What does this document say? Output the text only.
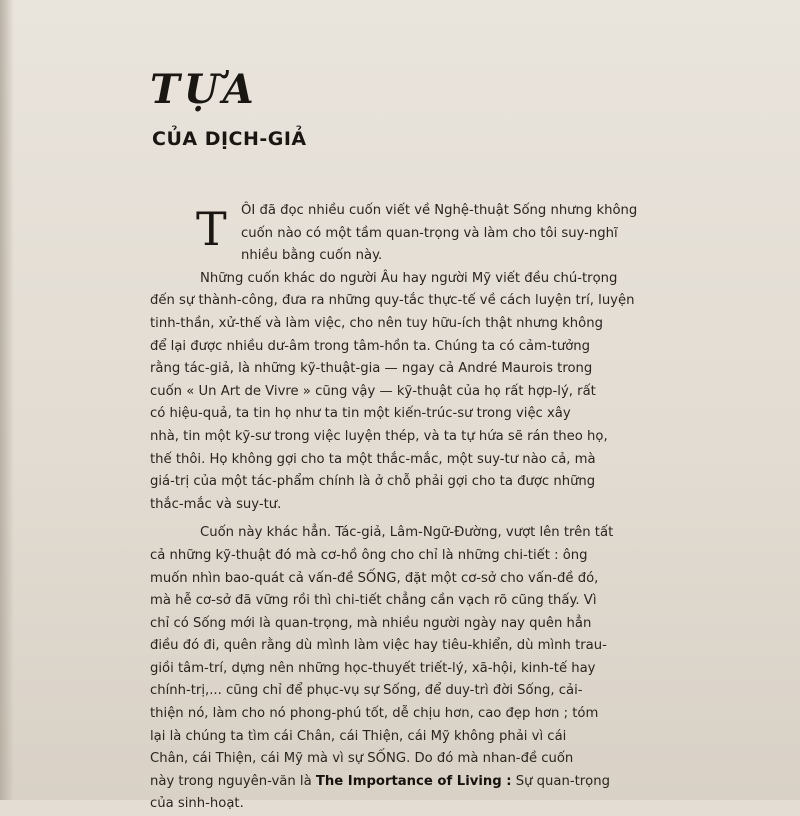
TỰA
CỦA DỊCH-GIẢ
T	ÔI đã đọc nhiều cuốn viết về Nghệ-thuật Sống nhưng không
cuốn nào có một tầm quan-trọng và làm cho tôi suy-nghĩ
nhiều bằng cuốn này.
Những cuốn khác do người Âu hay người Mỹ viết đều chú-trọng
đến sự thành-công, đưa ra những quy-tắc thực-tế về cách luyện trí, luyện
tinh-thần, xử-thế và làm việc, cho nên tuy hữu-ích thật nhưng không
để lại được nhiều dư-âm trong tâm-hồn ta. Chúng ta có cảm-tưởng
rằng tác-giả, là những kỹ-thuật-gia — ngay cả André Maurois trong
cuốn « Un Art de Vivre » cũng vậy — kỹ-thuật của họ rất hợp-lý, rất
có hiệu-quả, ta tin họ như ta tin một kiến-trúc-sư trong việc xây
nhà, tin một kỹ-sư trong việc luyện thép, và ta tự hứa sẽ rán theo họ,
thế thôi. Họ không gợi cho ta một thắc-mắc, một suy-tư nào cả, mà
giá-trị của một tác-phẩm chính là ở chỗ phải gợi cho ta được những
thắc-mắc và suy-tư.
Cuốn này khác hẳn. Tác-giả, Lâm-Ngữ-Đường, vượt lên trên tất
cả những kỹ-thuật đó mà cơ-hồ ông cho chỉ là những chi-tiết : ông
muốn nhìn bao-quát cả vấn-đề SỐNG, đặt một cơ-sở cho vấn-đề đó,
mà hễ cơ-sở đã vững rồi thì chi-tiết chẳng cần vạch rõ cũng thấy. Vì
chỉ có Sống mới là quan-trọng, mà nhiều người ngày nay quên hẳn
điều đó đi, quên rằng dù mình làm việc hay tiêu-khiển, dù mình trau-
giồi tâm-trí, dựng nên những học-thuyết triết-lý, xã-hội, kinh-tế hay
chính-trị,... cũng chỉ để phục-vụ sự Sống, để duy-trì đời Sống, cải-
thiện nó, làm cho nó phong-phú tốt, dễ chịu hơn, cao đẹp hơn ; tóm
lại là chúng ta tìm cái Chân, cái Thiện, cái Mỹ không phải vì cái
Chân, cái Thiện, cái Mỹ mà vì sự SỐNG. Do đó mà nhan-đề cuốn
này trong nguyên-văn là The Importance of Living : Sự quan-trọng
của sinh-hoạt.
